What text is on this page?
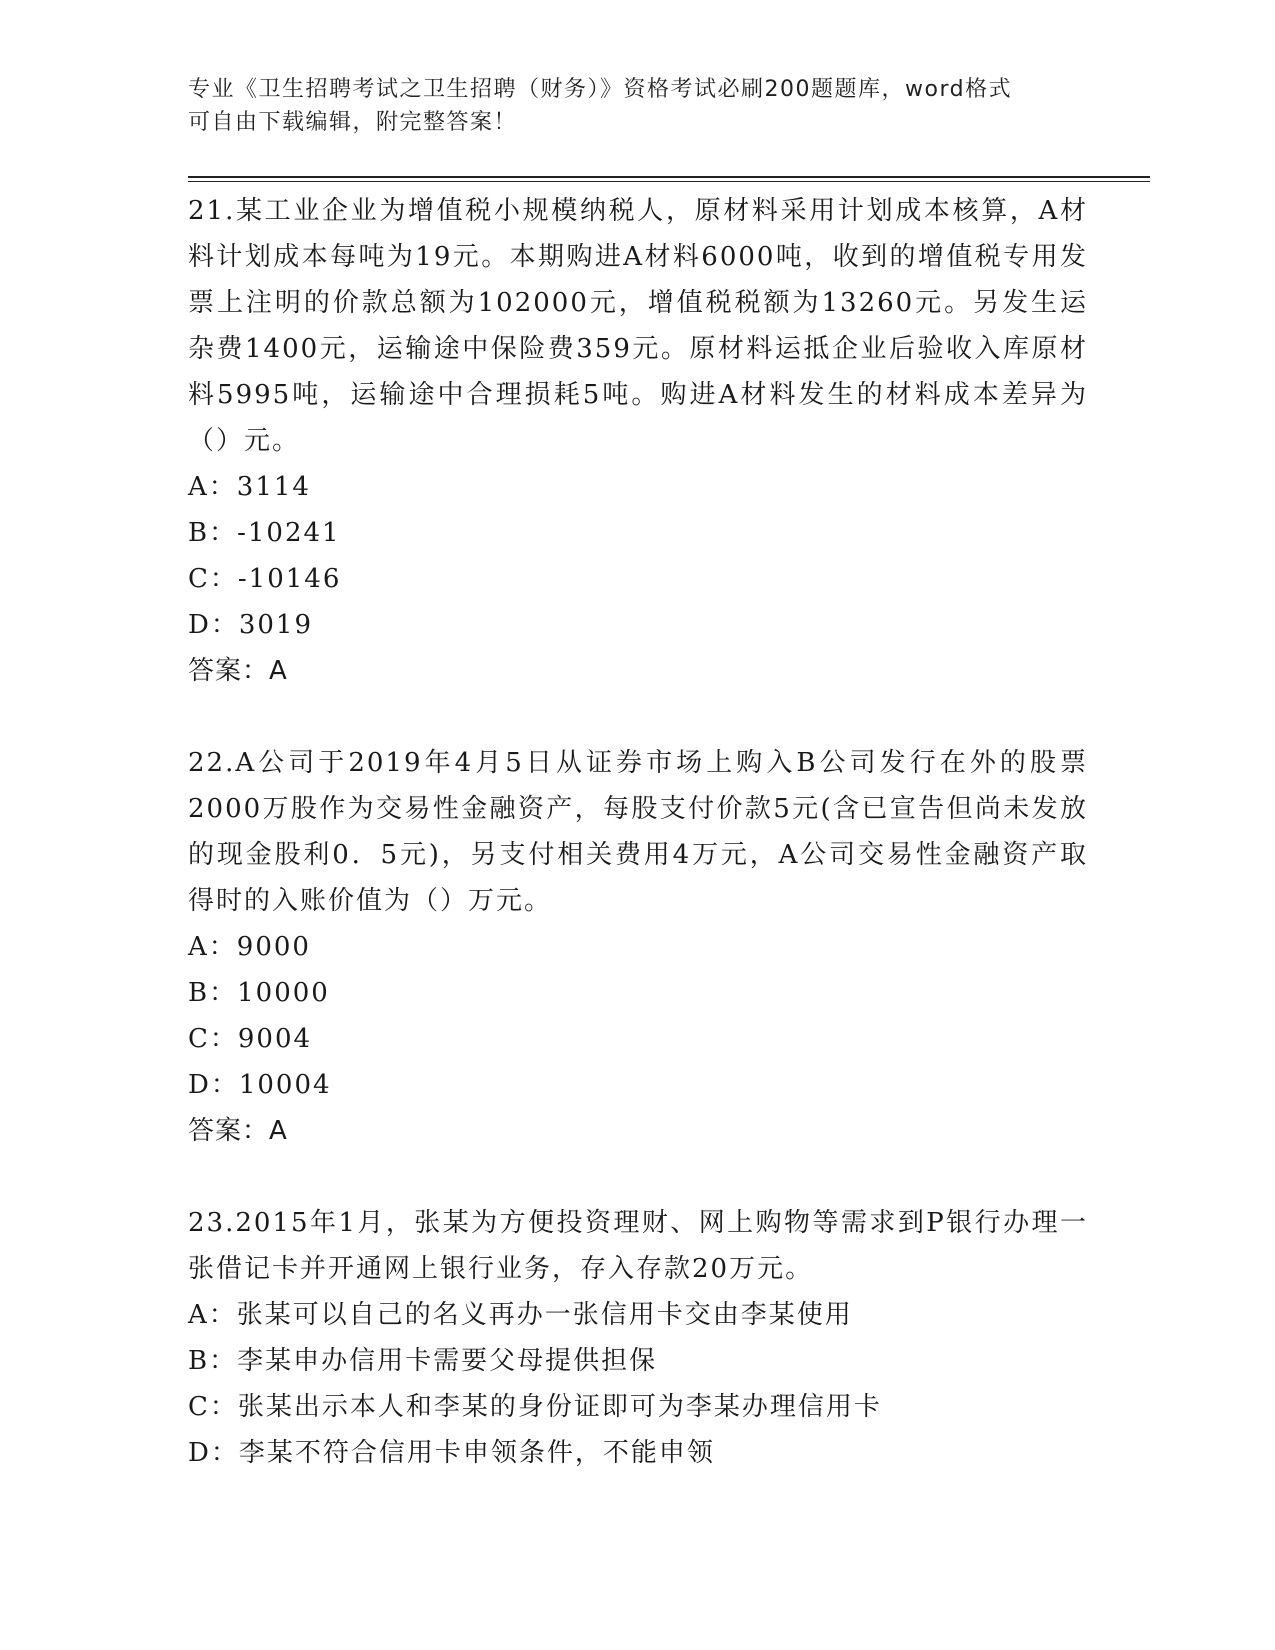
专业《卫生招聘考试之卫生招聘（财务）》资格考试必刷200题题库，word格式
可自由下载编辑，附完整答案！

21.某工业企业为增值税小规模纳税人，原材料采用计划成本核算，A材料计划成本每吨为19元。本期购进A材料6000吨，收到的增值税专用发票上注明的价款总额为102000元，增值税税额为13260元。另发生运杂费1400元，运输途中保险费359元。原材料运抵企业后验收入库原材料5995吨，运输途中合理损耗5吨。购进A材料发生的材料成本差异为（）元。

A：3114

B：-10241

C：-10146

D：3019

答案：A

22.A公司于2019年4月5日从证券市场上购入B公司发行在外的股票2000万股作为交易性金融资产，每股支付价款5元(含已宣告但尚未发放的现金股利0．5元)，另支付相关费用4万元，A公司交易性金融资产取得时的入账价值为（）万元。

A：9000

B：10000

C：9004

D：10004

答案：A

23.2015年1月，张某为方便投资理财、网上购物等需求到P银行办理一张借记卡并开通网上银行业务，存入存款20万元。

A：张某可以自己的名义再办一张信用卡交由李某使用

B：李某申办信用卡需要父母提供担保

C：张某出示本人和李某的身份证即可为李某办理信用卡

D：李某不符合信用卡申领条件，不能申领
